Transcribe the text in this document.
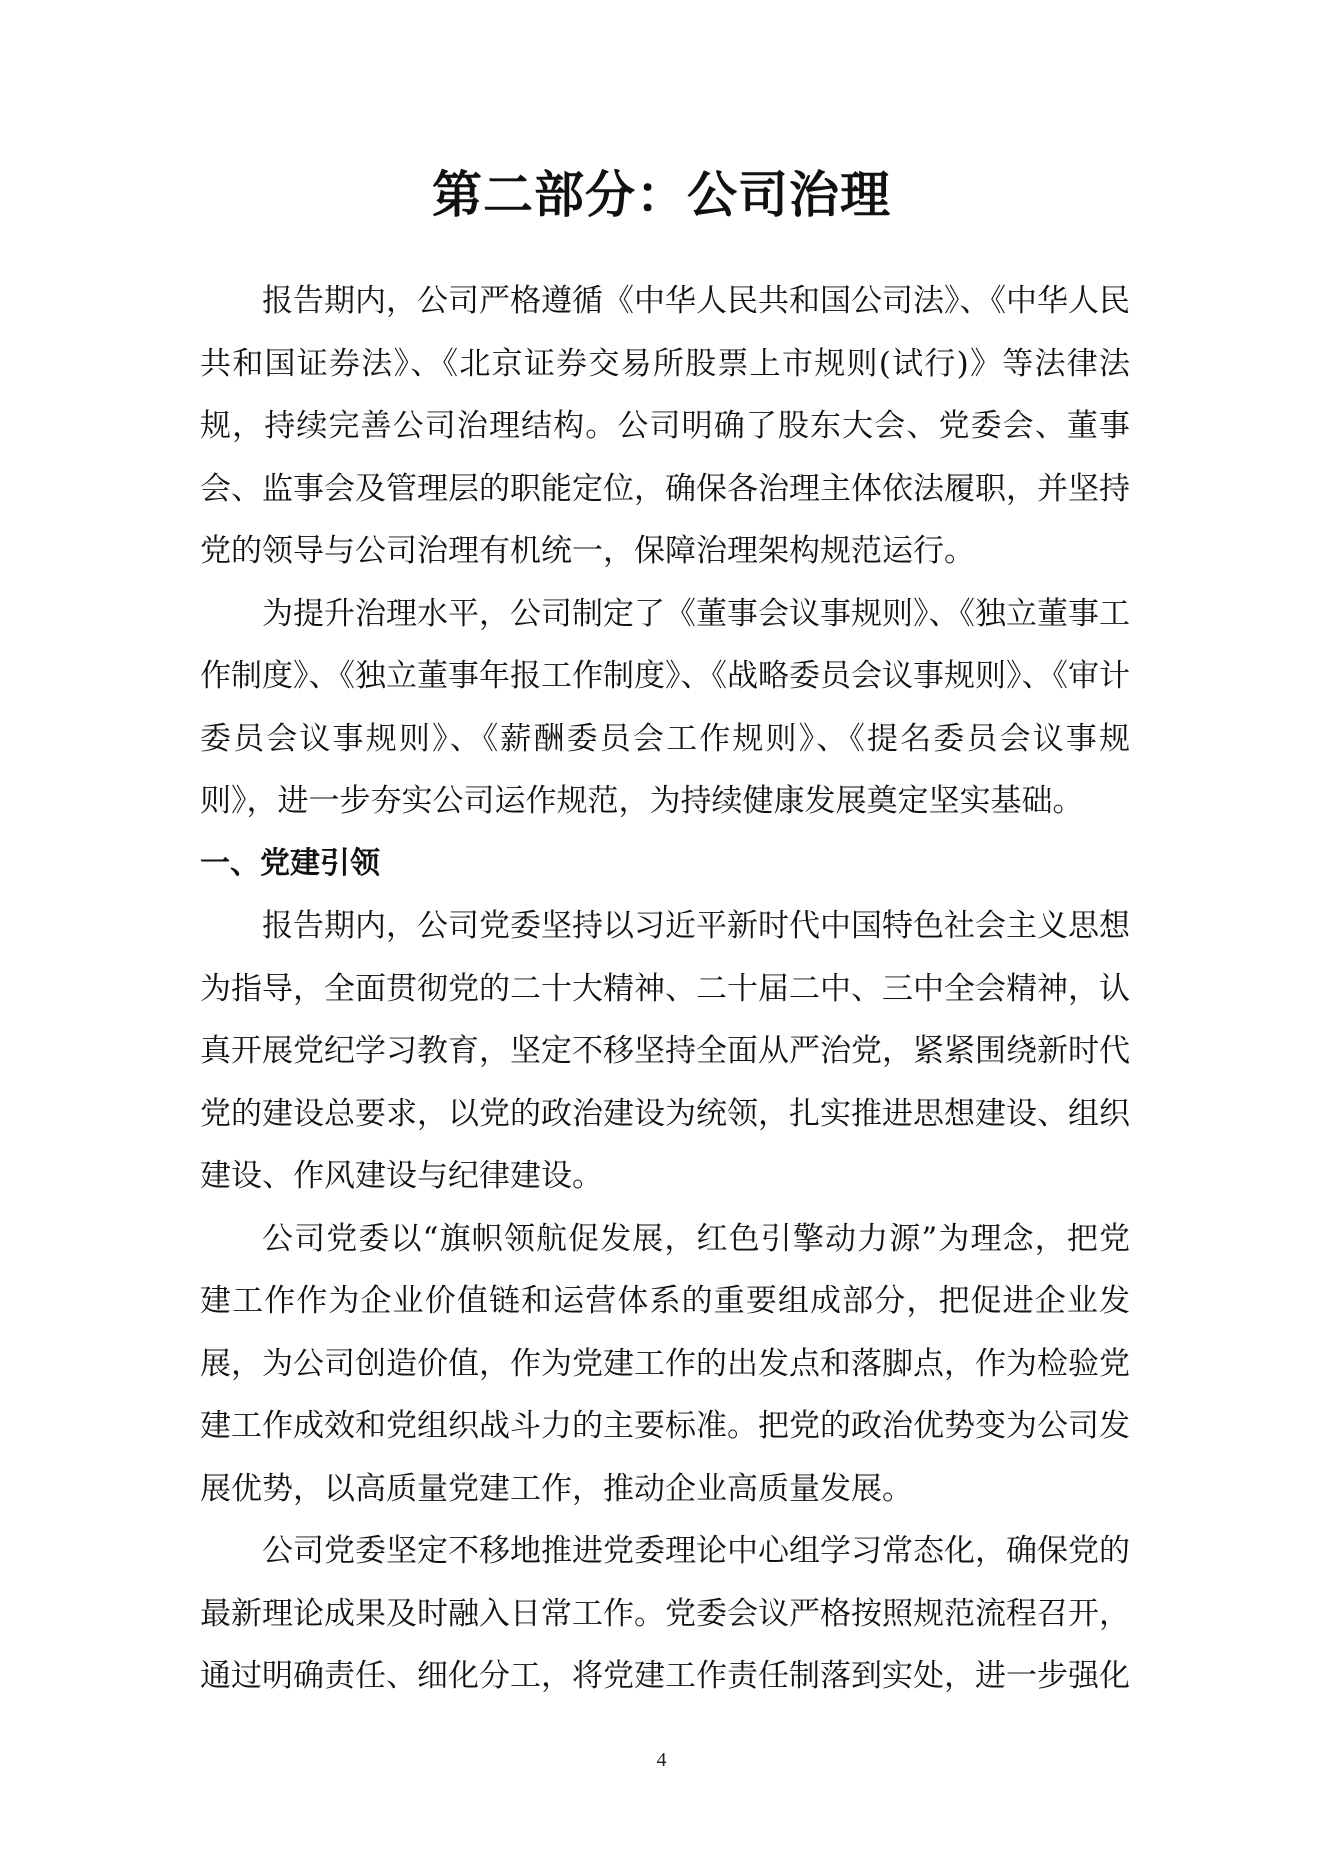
第二部分：公司治理

报告期内，公司严格遵循《中华人民共和国公司法》、《中华人民共和国证券法》、《北京证券交易所股票上市规则(试行)》等法律法规，持续完善公司治理结构。公司明确了股东大会、党委会、董事会、监事会及管理层的职能定位，确保各治理主体依法履职，并坚持党的领导与公司治理有机统一，保障治理架构规范运行。

为提升治理水平，公司制定了《董事会议事规则》、《独立董事工作制度》、《独立董事年报工作制度》、《战略委员会议事规则》、《审计委员会议事规则》、《薪酬委员会工作规则》、《提名委员会议事规则》，进一步夯实公司运作规范，为持续健康发展奠定坚实基础。

一、党建引领

报告期内，公司党委坚持以习近平新时代中国特色社会主义思想为指导，全面贯彻党的二十大精神、二十届二中、三中全会精神，认真开展党纪学习教育，坚定不移坚持全面从严治党，紧紧围绕新时代党的建设总要求，以党的政治建设为统领，扎实推进思想建设、组织建设、作风建设与纪律建设。

公司党委以“旗帜领航促发展，红色引擎动力源”为理念，把党建工作作为企业价值链和运营体系的重要组成部分，把促进企业发展，为公司创造价值，作为党建工作的出发点和落脚点，作为检验党建工作成效和党组织战斗力的主要标准。把党的政治优势变为公司发展优势，以高质量党建工作，推动企业高质量发展。

公司党委坚定不移地推进党委理论中心组学习常态化，确保党的最新理论成果及时融入日常工作。党委会议严格按照规范流程召开，通过明确责任、细化分工，将党建工作责任制落到实处，进一步强化

4
